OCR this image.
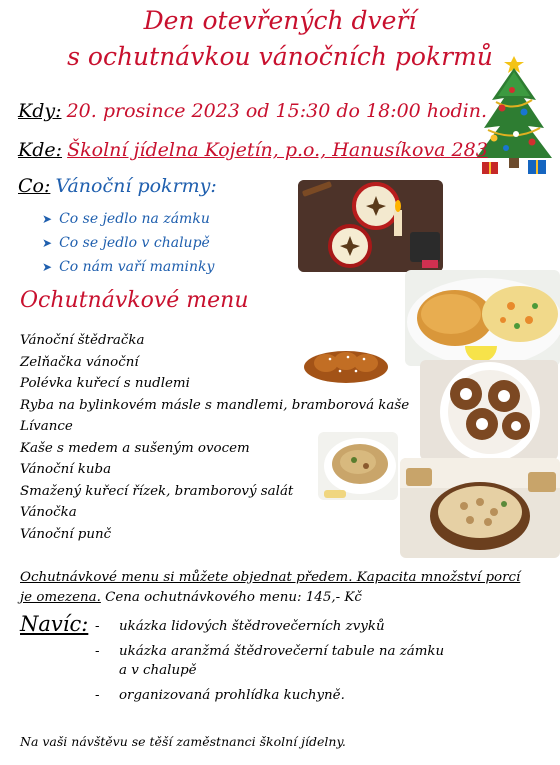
Den otevřených dveří
s ochutnávkou vánočních pokrmů
Kdy: 20. prosince 2023 od 15:30 do 18:00 hodin.
Kde: Školní jídelna Kojetín, p.o., Hanusíkova 283
Co: Vánoční pokrmy:
➤ Co se jedlo na zámku
➤ Co se jedlo v chalupě
➤ Co nám vaří maminky
Ochutnávkové menu
Vánoční štědračka
Zelňačka vánoční
Polévka kuřecí s nudlemi
Ryba na bylinkovém másle s mandlemi, bramborová kaše
Lívance
Kaše s medem a sušeným ovocem
Vánoční kuba
Smažený kuřecí řízek, bramborový salát
Vánočka
Vánoční punč
Ochutnávkové menu si můžete objednat předem. Kapacita množství porcí je omezena. Cena ochutnávkového menu: 145,- Kč
Navíc: - ukázka lidových štědrovečerních zvyků
- ukázka aranžmá štědrovečerní tabule na zámku a v chalupě
- organizovaná prohlídka kuchyně.
Na vaši návštěvu se těší zaměstnanci školní jídelny.
